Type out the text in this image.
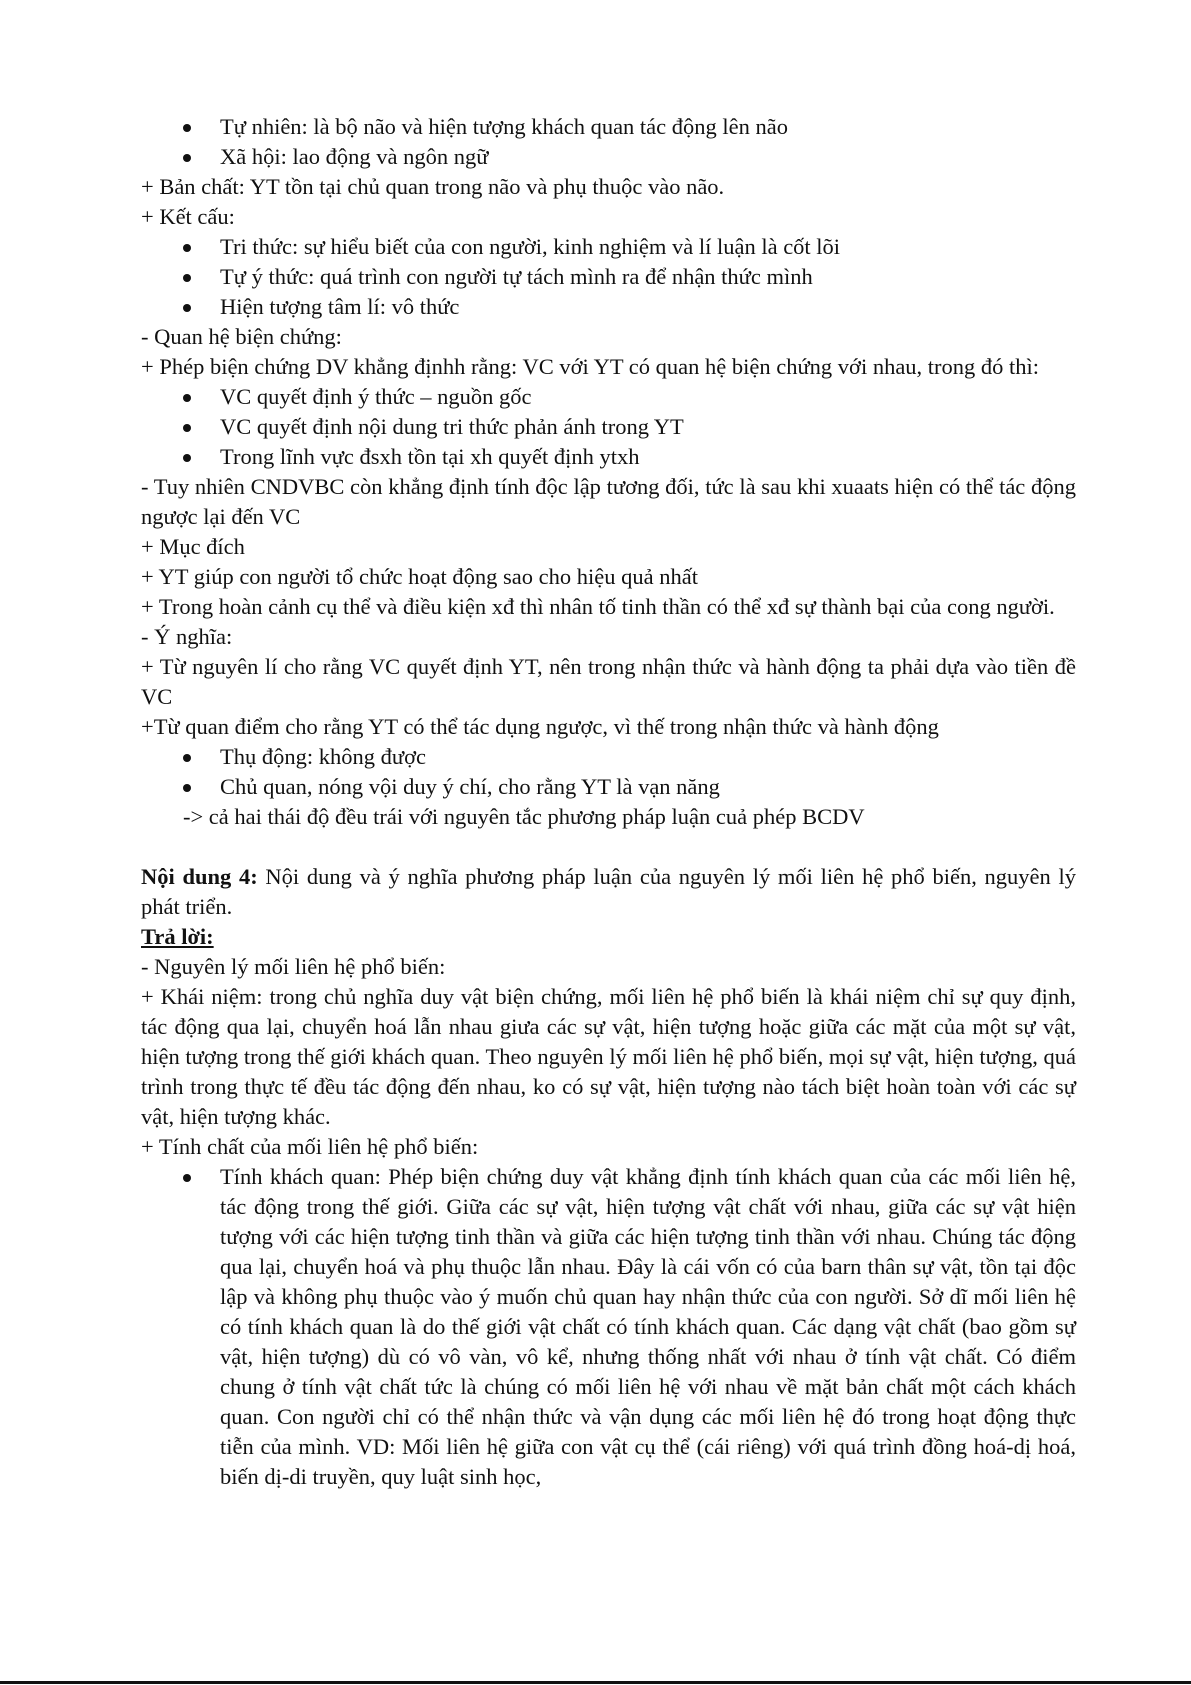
Tự nhiên: là bộ não và hiện tượng khách quan tác động lên não
Xã hội: lao động và ngôn ngữ

+ Bản chất: YT tồn tại chủ quan trong não và phụ thuộc vào não.

+ Kết cấu:

Tri thức: sự hiểu biết của con người, kinh nghiệm và lí luận là cốt lõi
Tự ý thức: quá trình con người tự tách mình ra để nhận thức mình
Hiện tượng tâm lí: vô thức

- Quan hệ biện chứng:

+ Phép biện chứng DV khẳng địnhh rằng: VC với YT có quan hệ biện chứng với nhau, trong đó thì:

VC quyết định ý thức – nguồn gốc
VC quyết định nội dung tri thức phản ánh trong YT
Trong lĩnh vực đsxh tồn tại xh quyết định ytxh

- Tuy nhiên CNDVBC còn khẳng định tính độc lập tương đối, tức là sau khi xuaats hiện có thể tác động ngược lại đến VC

+ Mục đích

+ YT giúp con người tổ chức hoạt động sao cho hiệu quả nhất

+ Trong hoàn cảnh cụ thể và điều kiện xđ thì nhân tố tinh thần có thể xđ sự thành bại của cong người.

- Ý nghĩa:

+ Từ nguyên lí cho rằng VC quyết định YT, nên trong nhận thức và hành động ta phải dựa vào tiền đề VC

+Từ quan điểm cho rằng YT có thể tác dụng ngược, vì thế trong nhận thức và hành động

Thụ động: không được
Chủ quan, nóng vội duy ý chí, cho rằng YT là vạn năng

-> cả hai thái độ đều trái với nguyên tắc phương pháp luận cuả phép BCDV

Nội dung 4: Nội dung và ý nghĩa phương pháp luận của nguyên lý mối liên hệ phổ biến, nguyên lý phát triển.

Trả lời:

- Nguyên lý mối liên hệ phổ biến:

+ Khái niệm: trong chủ nghĩa duy vật biện chứng, mối liên hệ phổ biến là khái niệm chỉ sự quy định, tác động qua lại, chuyển hoá lẫn nhau giưa các sự vật, hiện tượng hoặc giữa các mặt của một sự vật, hiện tượng trong thế giới khách quan. Theo nguyên lý mối liên hệ phổ biến, mọi sự vật, hiện tượng, quá trình trong thực tế đều tác động đến nhau, ko có sự vật, hiện tượng nào tách biệt hoàn toàn với các sự vật, hiện tượng khác.

+ Tính chất của mối liên hệ phổ biến:

Tính khách quan: Phép biện chứng duy vật khẳng định tính khách quan của các mối liên hệ, tác động trong thế giới. Giữa các sự vật, hiện tượng vật chất với nhau, giữa các sự vật hiện tượng với các hiện tượng tinh thần và giữa các hiện tượng tinh thần với nhau. Chúng tác động qua lại, chuyển hoá và phụ thuộc lẫn nhau. Đây là cái vốn có của barn thân sự vật, tồn tại độc lập và không phụ thuộc vào ý muốn chủ quan hay nhận thức của con người. Sở dĩ mối liên hệ có tính khách quan là do thế giới vật chất có tính khách quan. Các dạng vật chất (bao gồm sự vật, hiện tượng) dù có vô vàn, vô kể, nhưng thống nhất với nhau ở tính vật chất. Có điểm chung ở tính vật chất tức là chúng có mối liên hệ với nhau về mặt bản chất một cách khách quan. Con người chỉ có thể nhận thức và vận dụng các mối liên hệ đó trong hoạt động thực tiễn của mình. VD: Mối liên hệ giữa con vật cụ thể (cái riêng) với quá trình đồng hoá-dị hoá, biến dị-di truyền, quy luật sinh học,
